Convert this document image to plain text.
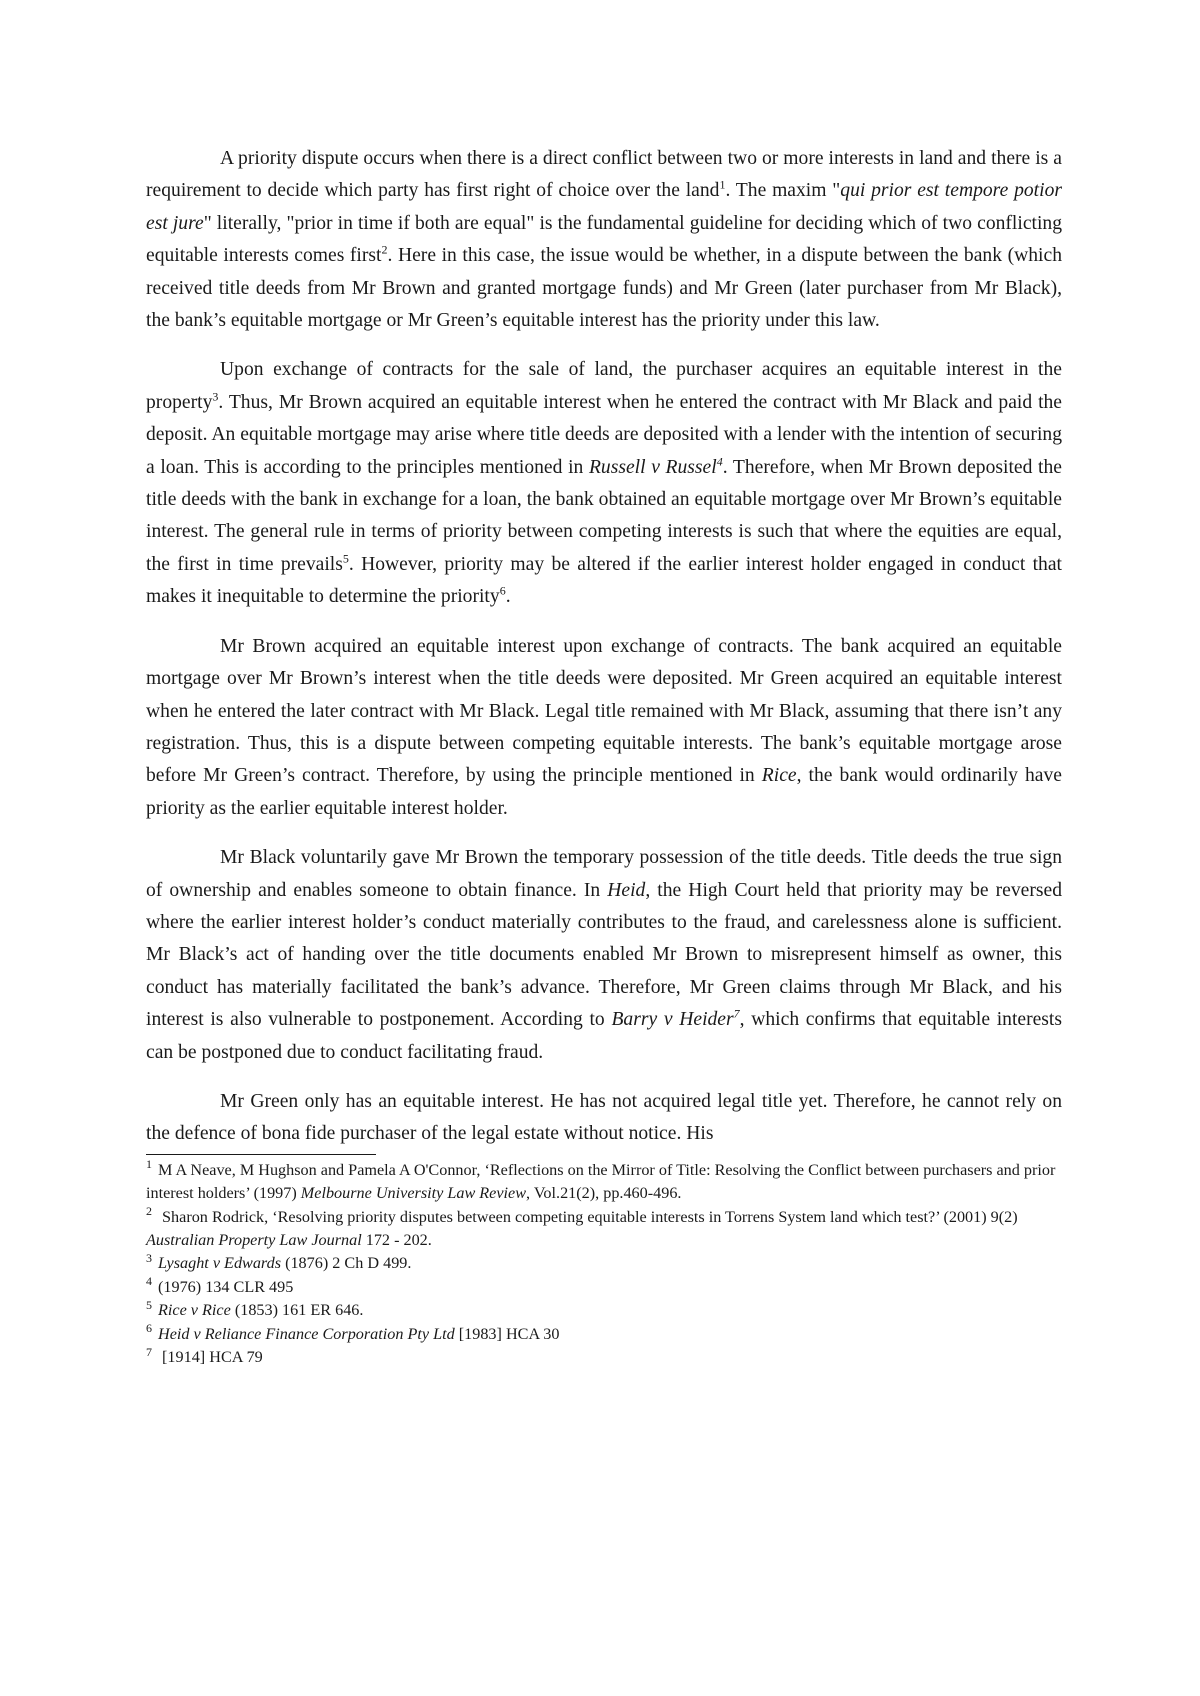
A priority dispute occurs when there is a direct conflict between two or more interests in land and there is a requirement to decide which party has first right of choice over the land$^1$. The maxim "qui prior est tempore potior est jure" literally, "prior in time if both are equal" is the fundamental guideline for deciding which of two conflicting equitable interests comes first$^2$. Here in this case, the issue would be whether, in a dispute between the bank (which received title deeds from Mr Brown and granted mortgage funds) and Mr Green (later purchaser from Mr Black), the bank’s equitable mortgage or Mr Green’s equitable interest has the priority under this law.

Upon exchange of contracts for the sale of land, the purchaser acquires an equitable interest in the property$^3$. Thus, Mr Brown acquired an equitable interest when he entered the contract with Mr Black and paid the deposit. An equitable mortgage may arise where title deeds are deposited with a lender with the intention of securing a loan. This is according to the principles mentioned in Russell v Russel$^4$. Therefore, when Mr Brown deposited the title deeds with the bank in exchange for a loan, the bank obtained an equitable mortgage over Mr Brown’s equitable interest. The general rule in terms of priority between competing interests is such that where the equities are equal, the first in time prevails$^5$. However, priority may be altered if the earlier interest holder engaged in conduct that makes it inequitable to determine the priority$^6$.

Mr Brown acquired an equitable interest upon exchange of contracts. The bank acquired an equitable mortgage over Mr Brown’s interest when the title deeds were deposited. Mr Green acquired an equitable interest when he entered the later contract with Mr Black. Legal title remained with Mr Black, assuming that there isn’t any registration. Thus, this is a dispute between competing equitable interests. The bank’s equitable mortgage arose before Mr Green’s contract. Therefore, by using the principle mentioned in Rice, the bank would ordinarily have priority as the earlier equitable interest holder.

Mr Black voluntarily gave Mr Brown the temporary possession of the title deeds. Title deeds the true sign of ownership and enables someone to obtain finance. In Heid, the High Court held that priority may be reversed where the earlier interest holder’s conduct materially contributes to the fraud, and carelessness alone is sufficient. Mr Black’s act of handing over the title documents enabled Mr Brown to misrepresent himself as owner, this conduct has materially facilitated the bank’s advance. Therefore, Mr Green claims through Mr Black, and his interest is also vulnerable to postponement. According to Barry v Heider$^7$, which confirms that equitable interests can be postponed due to conduct facilitating fraud.

Mr Green only has an equitable interest. He has not acquired legal title yet. Therefore, he cannot rely on the defence of bona fide purchaser of the legal estate without notice. His

$^1$ M A Neave, M Hughson and Pamela A O'Connor, ‘Reflections on the Mirror of Title: Resolving the Conflict between purchasers and prior interest holders’ (1997) Melbourne University Law Review, Vol.21(2), pp.460-496.

$^2$ Sharon Rodrick, ‘Resolving priority disputes between competing equitable interests in Torrens System land which test?’ (2001) 9(2) Australian Property Law Journal 172 - 202.

$^3$ Lysaght v Edwards (1876) 2 Ch D 499.

$^4$ (1976) 134 CLR 495

$^5$ Rice v Rice (1853) 161 ER 646.

$^6$ Heid v Reliance Finance Corporation Pty Ltd [1983] HCA 30

$^7$ [1914] HCA 79
